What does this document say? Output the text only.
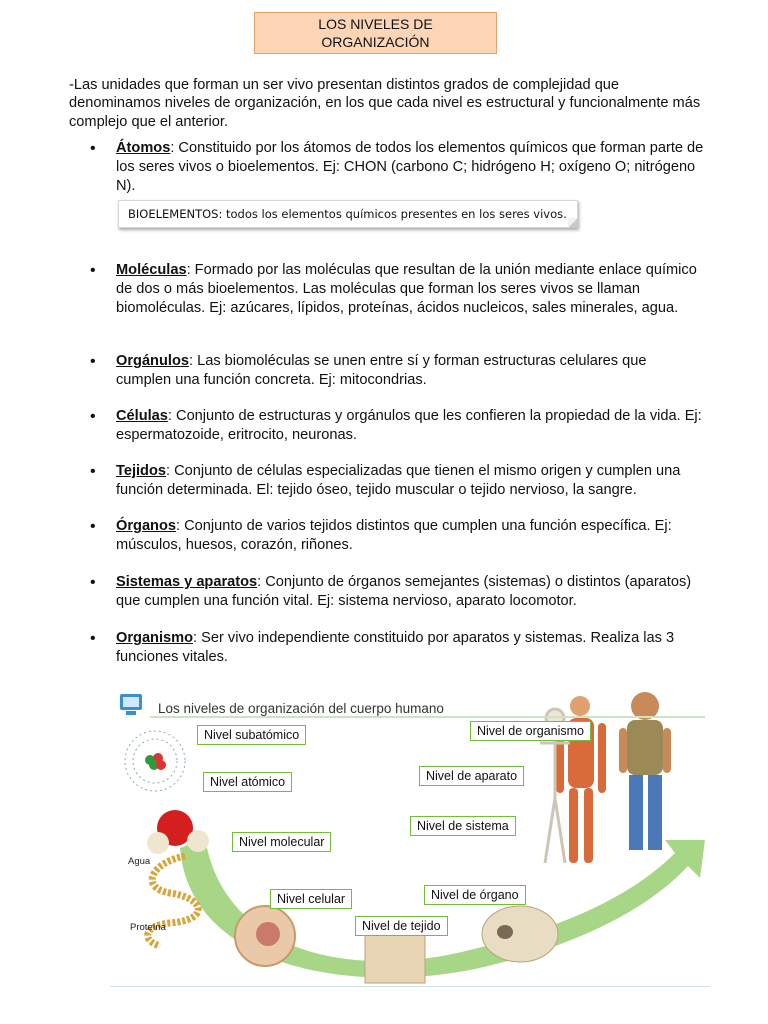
LOS NIVELES DE
ORGANIZACIÓN

-Las unidades que forman un ser vivo presentan distintos grados de complejidad que denominamos niveles de organización, en los que cada nivel es estructural y funcionalmente más complejo que el anterior.

• Átomos: Constituido por los átomos de todos los elementos químicos que forman parte de los seres vivos o bioelementos. Ej: CHON (carbono C; hidrógeno H; oxígeno O; nitrógeno N).
• Moléculas: Formado por las moléculas que resultan de la unión mediante enlace químico de dos o más bioelementos. Las moléculas que forman los seres vivos se llaman biomoléculas. Ej: azúcares, lípidos, proteínas, ácidos nucleicos, sales minerales, agua.
• Orgánulos: Las biomoléculas se unen entre sí y forman estructuras celulares que cumplen una función concreta. Ej: mitocondrias.
• Células: Conjunto de estructuras y orgánulos que les confieren la propiedad de la vida. Ej: espermatozoide, eritrocito, neuronas.
• Tejidos: Conjunto de células especializadas que tienen el mismo origen y cumplen una función determinada. El: tejido óseo, tejido muscular o tejido nervioso, la sangre.
• Órganos: Conjunto de varios tejidos distintos que cumplen una función específica. Ej: músculos, huesos, corazón, riñones.
• Sistemas y aparatos: Conjunto de órganos semejantes (sistemas) o distintos (aparatos) que cumplen una función vital. Ej: sistema nervioso, aparato locomotor.
• Organismo: Ser vivo independiente constituido por aparatos y sistemas. Realiza las 3 funciones vitales.
BIOELEMENTOS: todos los elementos químicos presentes en los seres vivos.
Los niveles de organización del cuerpo humano
Nivel subatómico
Nivel atómico
Nivel molecular
Nivel celular
Nivel de tejido
Nivel de órgano
Nivel de sistema
Nivel de aparato
Nivel de organismo
Agua
Proteína
